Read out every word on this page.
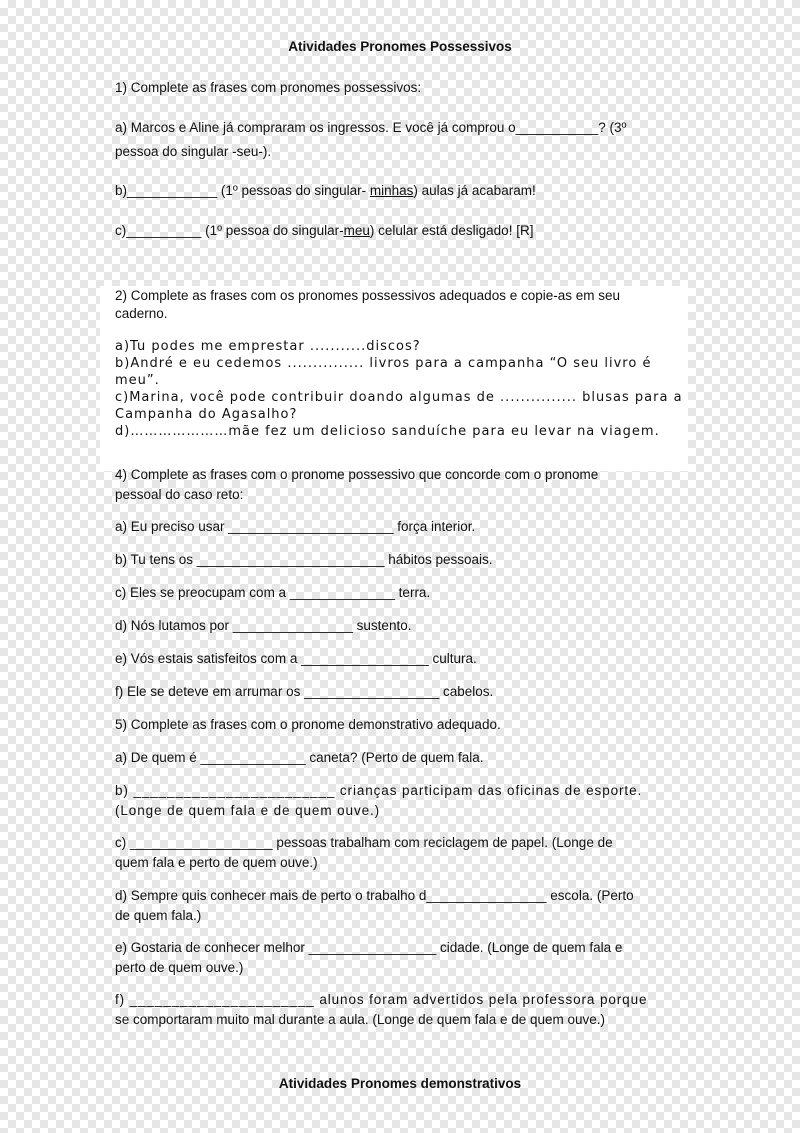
Atividades Pronomes Possessivos
1) Complete as frases com pronomes possessivos:
a) Marcos e Aline já compraram os ingressos. E você já comprou o___________? (3º
pessoa do singular -seu-).
b)____________ (1º pessoas do singular- minhas) aulas já acabaram!
c)__________ (1º pessoa do singular-meu) celular está desligado! [R]
2) Complete as frases com os pronomes possessivos adequados e copie-as em seu
caderno.
a)Tu podes me emprestar ...........discos?
b)André e eu cedemos ............... livros para a campanha “O seu livro é
meu”.
c)Marina, você pode contribuir doando algumas de ............... blusas para a
Campanha do Agasalho?
d)…………………mãe fez um delicioso sanduíche para eu levar na viagem.
4) Complete as frases com o pronome possessivo que concorde com o pronome
pessoal do caso reto:
a) Eu preciso usar ______________________ força interior.
b) Tu tens os _________________________ hábitos pessoais.
c) Eles se preocupam com a ______________ terra.
d) Nós lutamos por ________________ sustento.
e) Vós estais satisfeitos com a _________________ cultura.
f) Ele se deteve em arrumar os __________________ cabelos.
5) Complete as frases com o pronome demonstrativo adequado.
a) De quem é ______________ caneta? (Perto de quem fala.
b) ________________________ crianças participam das oficinas de esporte.
(Longe de quem fala e de quem ouve.)
c) ___________________ pessoas trabalham com reciclagem de papel. (Longe de
quem fala e perto de quem ouve.)
d) Sempre quis conhecer mais de perto o trabalho d________________ escola. (Perto
de quem fala.)
e) Gostaria de conhecer melhor _________________ cidade. (Longe de quem fala e
perto de quem ouve.)
f) ______________________ alunos foram advertidos pela professora porque
se comportaram muito mal durante a aula. (Longe de quem fala e de quem ouve.)
Atividades Pronomes demonstrativos
